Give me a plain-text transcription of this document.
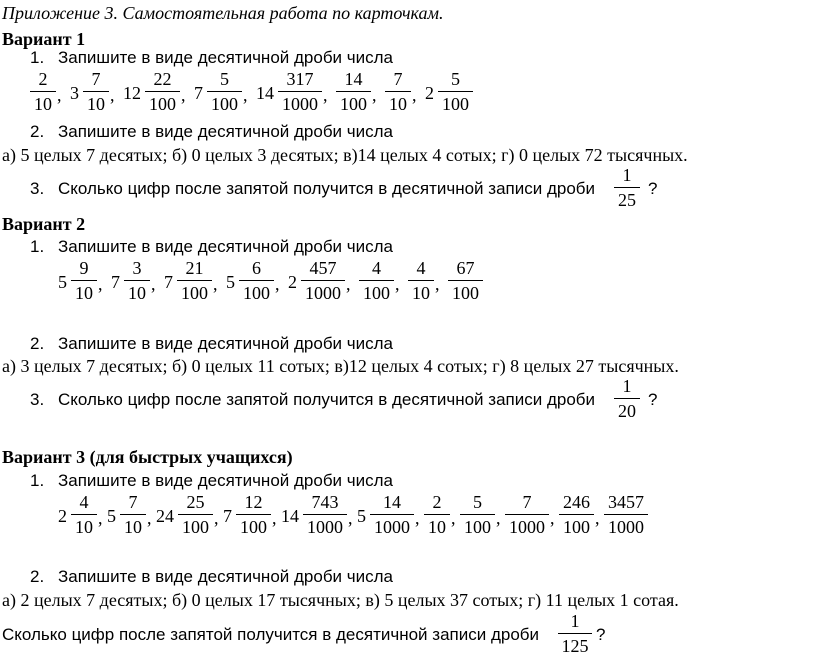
Приложение 3. Самостоятельная работа по карточкам.
Вариант 1
1. Запишите в виде десятичной дроби числа
2
10 , 3
7
10 , 12
22
100 , 7
5
100 , 14
317
1000 ,
14
100 ,
7
10 , 2
5
100
2. Запишите в виде десятичной дроби числа
а) 5 целых 7 десятых; б) 0 целых 3 десятых; в)14 целых 4 сотых; г) 0 целых 72 тысячных.
3. Сколько цифр после запятой получится в десятичной записи дроби
1
25
?
Вариант 2
1. Запишите в виде десятичной дроби числа
5
9
10 , 7
3
10 , 7
21
100 , 5
6
100 , 2
457
1000 ,
4
100 ,
4
10 ,
67
100
2. Запишите в виде десятичной дроби числа
а) 3 целых 7 десятых; б) 0 целых 11 сотых; в)12 целых 4 сотых; г) 8 целых 27 тысячных.
3. Сколько цифр после запятой получится в десятичной записи дроби
1
20
?
Вариант 3 (для быстрых учащихся)
1. Запишите в виде десятичной дроби числа
2
4
10 , 5
7
10 , 24
25
100 , 7
12
100 , 14
743
1000 , 5
14
1000 ,
2
10 ,
5
100 ,
7
1000 ,
246
100 ,
3457
1000
2. Запишите в виде десятичной дроби числа
а) 2 целых 7 десятых; б) 0 целых 17 тысячных; в) 5 целых 37 сотых; г) 11 целых 1 сотая.
Сколько цифр после запятой получится в десятичной записи дроби
1
125
?
